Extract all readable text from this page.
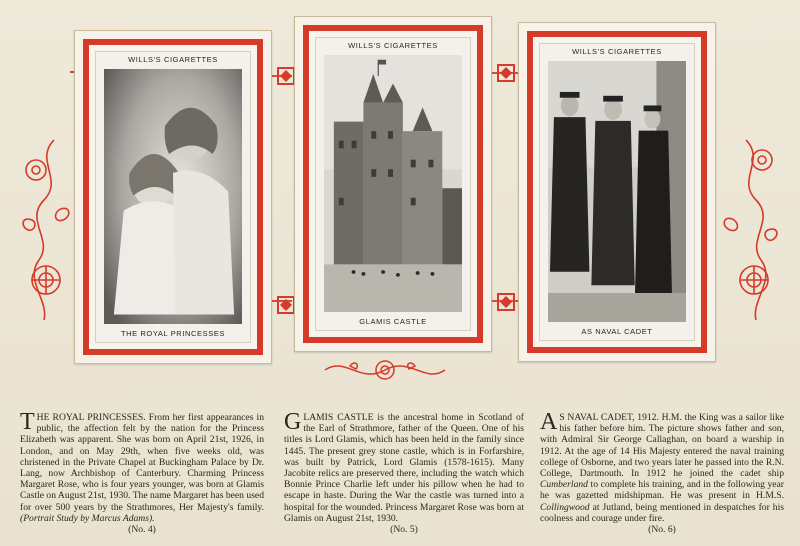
WILLS'S CIGARETTES
THE ROYAL PRINCESSES
WILLS'S CIGARETTES
GLAMIS CASTLE
WILLS'S CIGARETTES
AS NAVAL CADET
THE ROYAL PRINCESSES. From her first appearances in public, the affection felt by the nation for the Princess Elizabeth was apparent. She was born on April 21st, 1926, in London, and on May 29th, when five weeks old, was christened in the Private Chapel at Buckingham Palace by Dr. Lang, now Archbishop of Canterbury. Charming Princess Margaret Rose, who is four years younger, was born at Glamis Castle on August 21st, 1930. The name Margaret has been used for over 500 years by the Strathmores, Her Majesty's family. (Portrait Study by Marcus Adams).
(No. 4)
GLAMIS CASTLE is the ancestral home in Scotland of the Earl of Strathmore, father of the Queen. One of his titles is Lord Glamis, which has been held in the family since 1445. The present grey stone castle, which is in Forfarshire, was built by Patrick, Lord Glamis (1578-1615). Many Jacobite relics are preserved there, including the watch which Bonnie Prince Charlie left under his pillow when he had to escape in haste. During the War the castle was turned into a hospital for the wounded. Princess Margaret Rose was born at Glamis on August 21st, 1930.
(No. 5)
A S NAVAL CADET, 1912. H.M. the King was a sailor like his father before him. The picture shows father and son, with Admiral Sir George Callaghan, on board a warship in 1912. At the age of 14 His Majesty entered the naval training college of Osborne, and two years later he passed into the R.N. College, Dartmouth. In 1912 he joined the cadet ship Cumberland to complete his training, and in the following year he was gazetted midshipman. He was present in H.M.S. Collingwood at Jutland, being mentioned in despatches for his coolness and courage under fire.
(No. 6)
